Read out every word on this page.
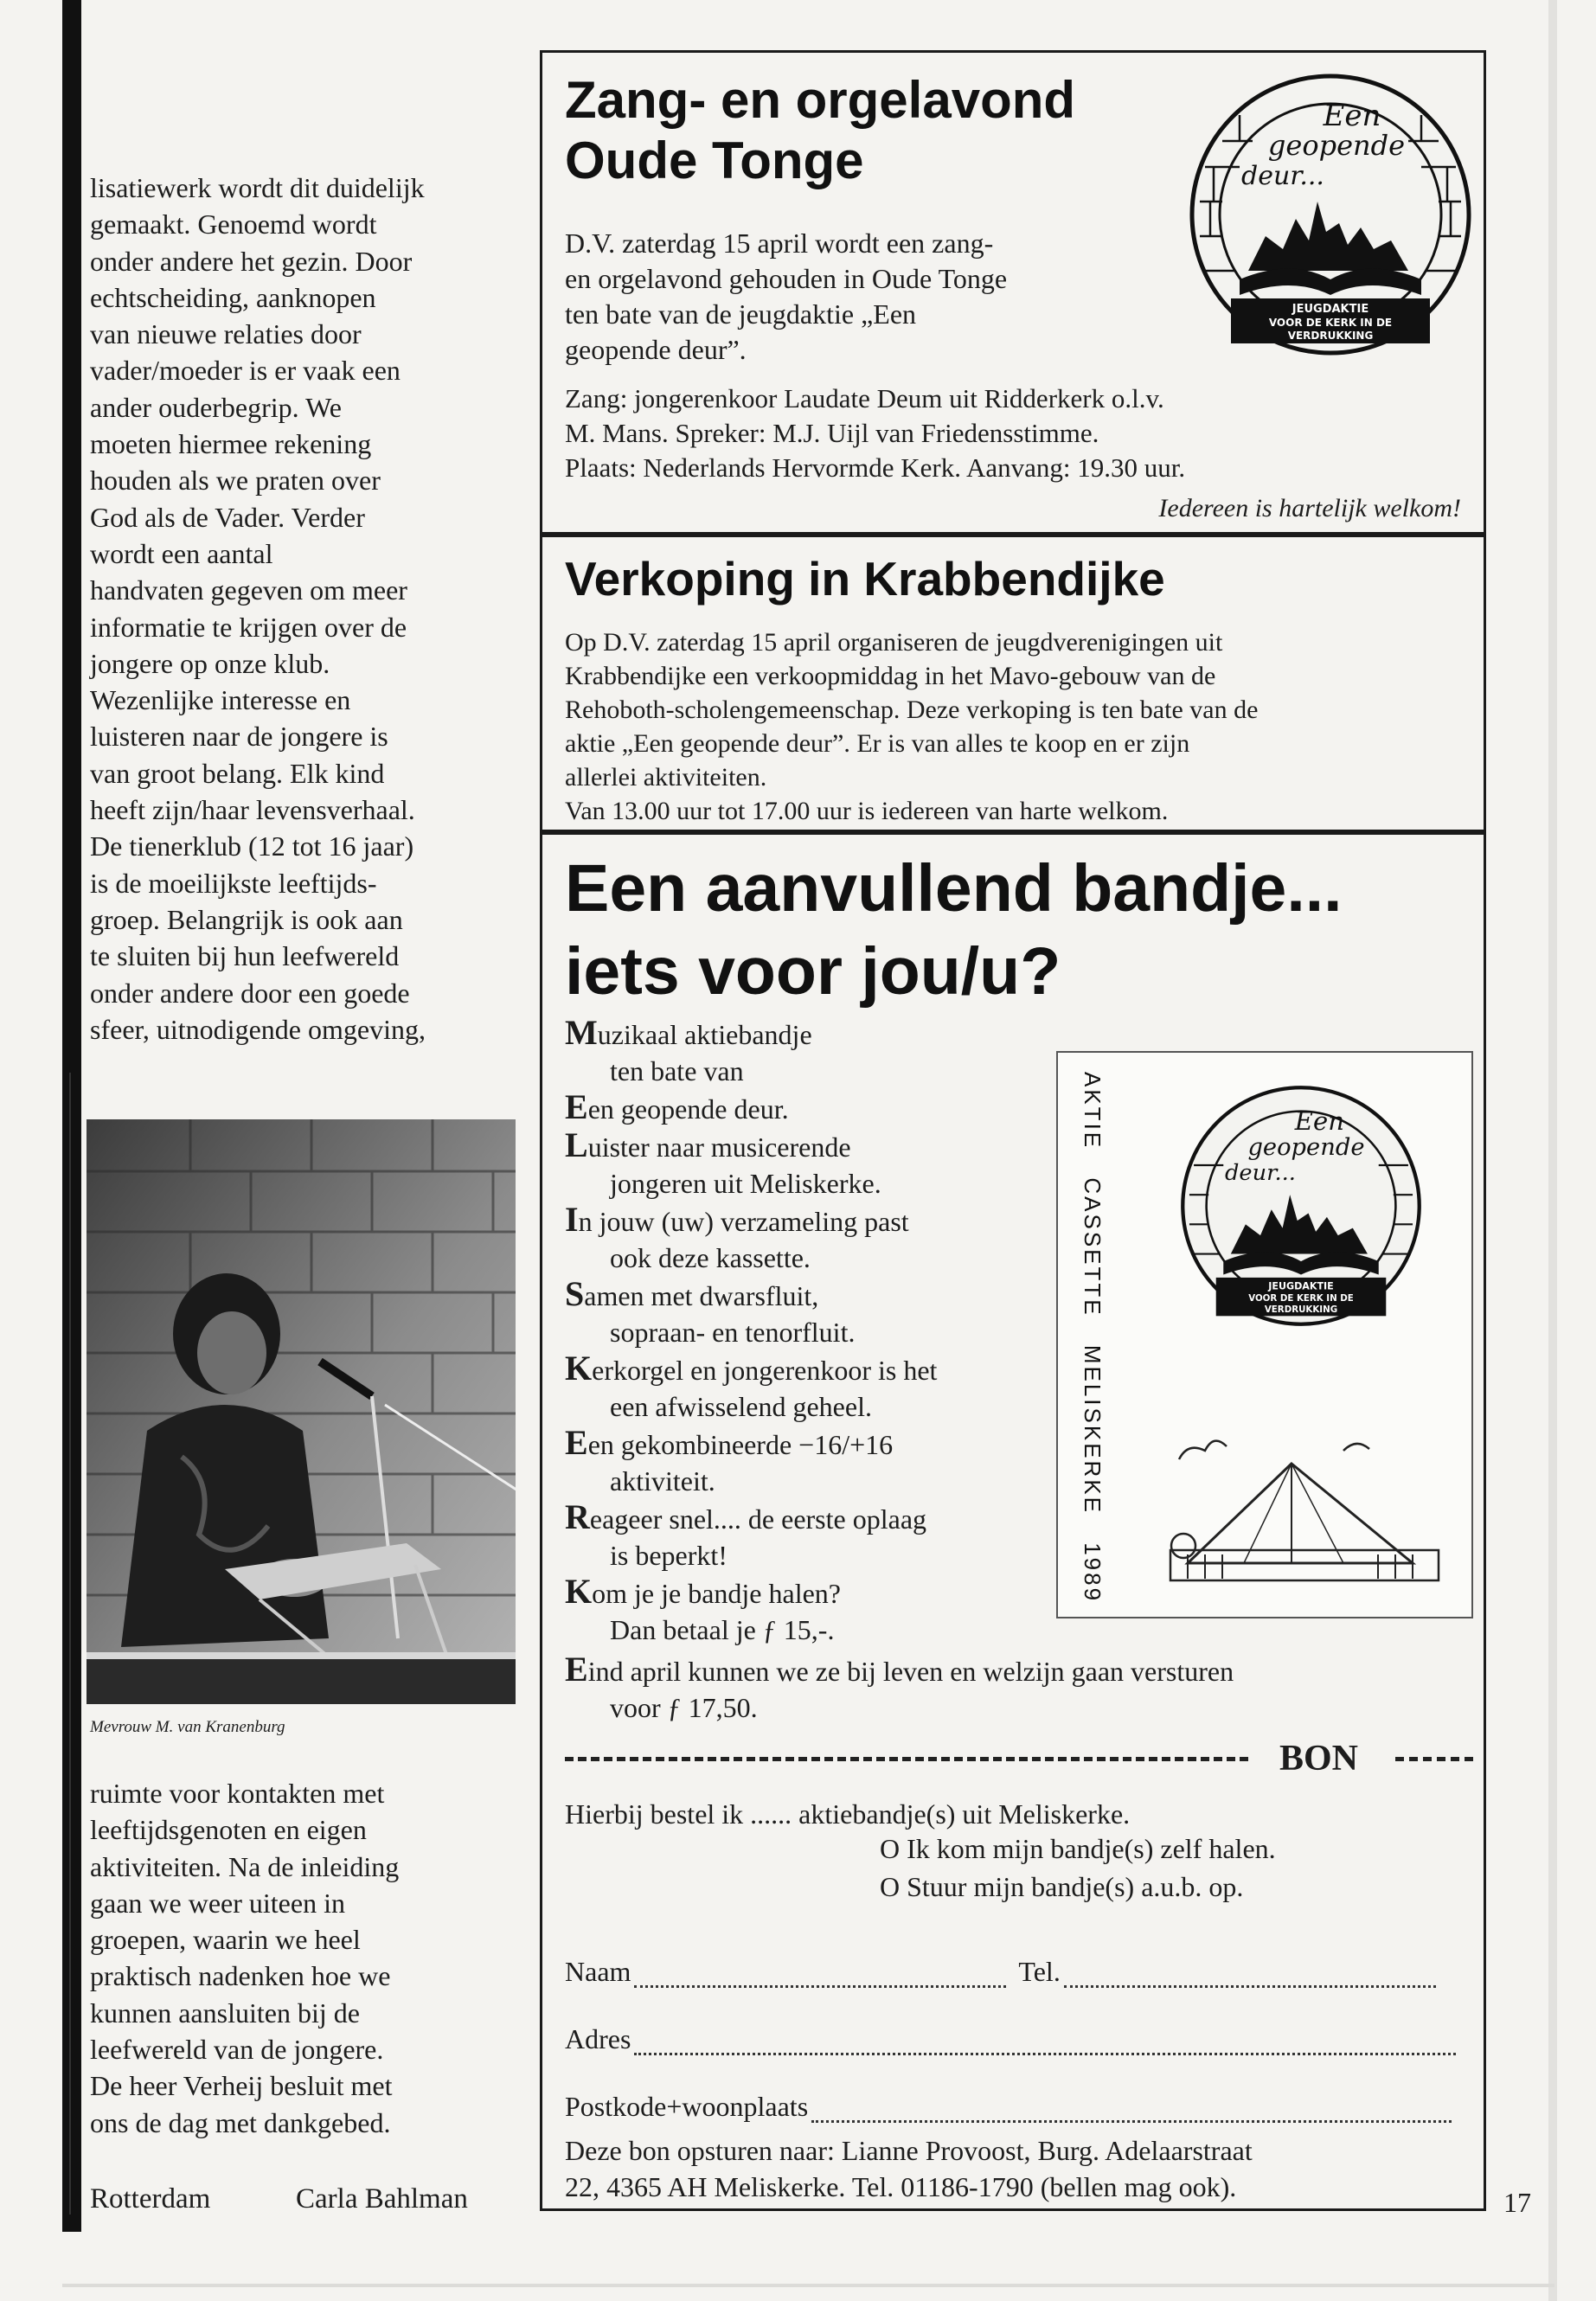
lisatiewerk wordt dit duidelijk

gemaakt. Genoemd wordt

onder andere het gezin. Door

echtscheiding, aanknopen

van nieuwe relaties door

vader/moeder is er vaak een

ander ouderbegrip. We

moeten hiermee rekening

houden als we praten over

God als de Vader. Verder

wordt een aantal

handvaten gegeven om meer

informatie te krijgen over de

jongere op onze klub.

Wezenlijke interesse en

luisteren naar de jongere is

van groot belang. Elk kind

heeft zijn/haar levensverhaal.

De tienerklub (12 tot 16 jaar)

is de moeilijkste leeftijds-

groep. Belangrijk is ook aan

te sluiten bij hun leefwereld

onder andere door een goede

sfeer, uitnodigende omgeving,

Mevrouw M. van Kranenburg

ruimte voor kontakten met

leeftijdsgenoten en eigen

aktiviteiten. Na de inleiding

gaan we weer uiteen in

groepen, waarin we heel

praktisch nadenken hoe we

kunnen aansluiten bij de

leefwereld van de jongere.

De heer Verheij besluit met

ons de dag met dankgebed.

Rotterdam	Carla Bahlman
Zang- en orgelavond
Oude Tonge
Een
geopende
deur...
JEUGDAKTIE
VOOR DE KERK IN DE
VERDRUKKING
D.V. zaterdag 15 april wordt een zang-
en orgelavond gehouden in Oude Tonge
ten bate van de jeugdaktie „Een
geopende deur”.
Zang: jongerenkoor Laudate Deum uit Ridderkerk o.l.v.
M. Mans. Spreker: M.J. Uijl van Friedensstimme.
Plaats: Nederlands Hervormde Kerk. Aanvang: 19.30 uur.
Iedereen is hartelijk welkom!
Verkoping in Krabbendijke
Op D.V. zaterdag 15 april organiseren de jeugdverenigingen uit
Krabbendijke een verkoopmiddag in het Mavo-gebouw van de
Rehoboth-scholengemeenschap. Deze verkoping is ten bate van de
aktie „Een geopende deur”. Er is van alles te koop en er zijn
allerlei aktiviteiten.
Van 13.00 uur tot 17.00 uur is iedereen van harte welkom.
Een aanvullend bandje...
iets voor jou/u?
Muzikaal aktiebandje
ten bate van
Een geopende deur.
Luister naar musicerende
jongeren uit Meliskerke.
In jouw (uw) verzameling past
ook deze kassette.
Samen met dwarsfluit,
sopraan- en tenorfluit.
Kerkorgel en jongerenkoor is het
een afwisselend geheel.
Een gekombineerde −16/+16
aktiviteit.
Reageer snel.... de eerste oplaag
is beperkt!
Kom je je bandje halen?
Dan betaal je ƒ 15,-.
AKTIE CASSETTE MELISKERKE 1989	Een
geopende
deur...
JEUGDAKTIE
VOOR DE KERK IN DE
VERDRUKKING
Eind april kunnen we ze bij leven en welzijn gaan versturen
voor ƒ 17,50.
BON
Hierbij bestel ik ...... aktiebandje(s) uit Meliskerke.
O Ik kom mijn bandje(s) zelf halen.
O Stuur mijn bandje(s) a.u.b. op.
Naam	Tel.
Adres
Postkode+woonplaats
Deze bon opsturen naar: Lianne Provoost, Burg. Adelaarstraat
22, 4365 AH Meliskerke. Tel. 01186-1790 (bellen mag ook).	17
